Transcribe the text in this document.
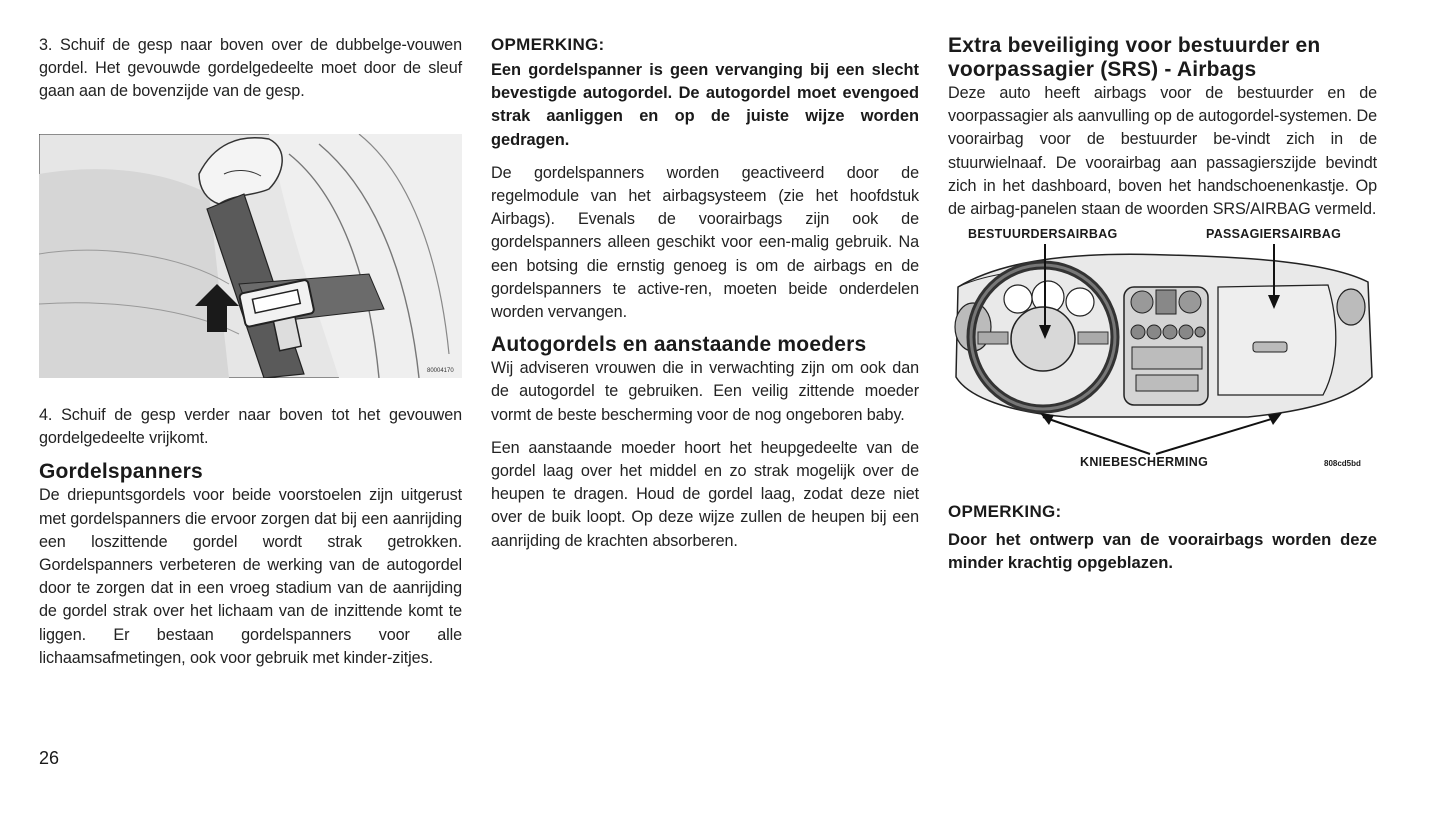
3. Schuif de gesp naar boven over de dubbelge-vouwen gordel. Het gevouwde gordelgedeelte moet door de sleuf gaan aan de bovenzijde van de gesp.

80004170

4. Schuif de gesp verder naar boven tot het gevouwen gordelgedeelte vrijkomt.

Gordelspanners

De driepuntsgordels voor beide voorstoelen zijn uitgerust met gordelspanners die ervoor zorgen dat bij een aanrijding een loszittende gordel wordt strak getrokken. Gordelspanners verbeteren de werking van de autogordel door te zorgen dat in een vroeg stadium van de aanrijding de gordel strak over het lichaam van de inzittende komt te liggen. Er bestaan gordelspanners voor alle lichaamsafmetingen, ook voor gebruik met kinder-zitjes.

OPMERKING:

Een gordelspanner is geen vervanging bij een slecht bevestigde autogordel. De autogordel moet evengoed strak aanliggen en op de juiste wijze worden gedragen.

De gordelspanners worden geactiveerd door de regelmodule van het airbagsysteem (zie het hoofdstuk Airbags). Evenals de voorairbags zijn ook de gordelspanners alleen geschikt voor een-malig gebruik. Na een botsing die ernstig genoeg is om de airbags en de gordelspanners te active-ren, moeten beide onderdelen worden vervangen.

Autogordels en aanstaande moeders

Wij adviseren vrouwen die in verwachting zijn om ook dan de autogordel te gebruiken. Een veilig zittende moeder vormt de beste bescherming voor de nog ongeboren baby.

Een aanstaande moeder hoort het heupgedeelte van de gordel laag over het middel en zo strak mogelijk over de heupen te dragen. Houd de gordel laag, zodat deze niet over de buik loopt. Op deze wijze zullen de heupen bij een aanrijding de krachten absorberen.

Extra beveiliging voor bestuurder en voorpassagier (SRS) - Airbags

Deze auto heeft airbags voor de bestuurder en de voorpassagier als aanvulling op de autogordel-systemen. De voorairbag voor de bestuurder be-vindt zich in de stuurwielnaaf. De voorairbag aan passagierszijde bevindt zich in het dashboard, boven het handschoenenkastje. Op de airbag-panelen staan de woorden SRS/AIRBAG vermeld.

BESTUURDERSAIRBAG	PASSAGIERSAIRBAG
KNIEBESCHERMING	808cd5bd

OPMERKING:

Door het ontwerp van de voorairbags worden deze minder krachtig opgeblazen.

26
